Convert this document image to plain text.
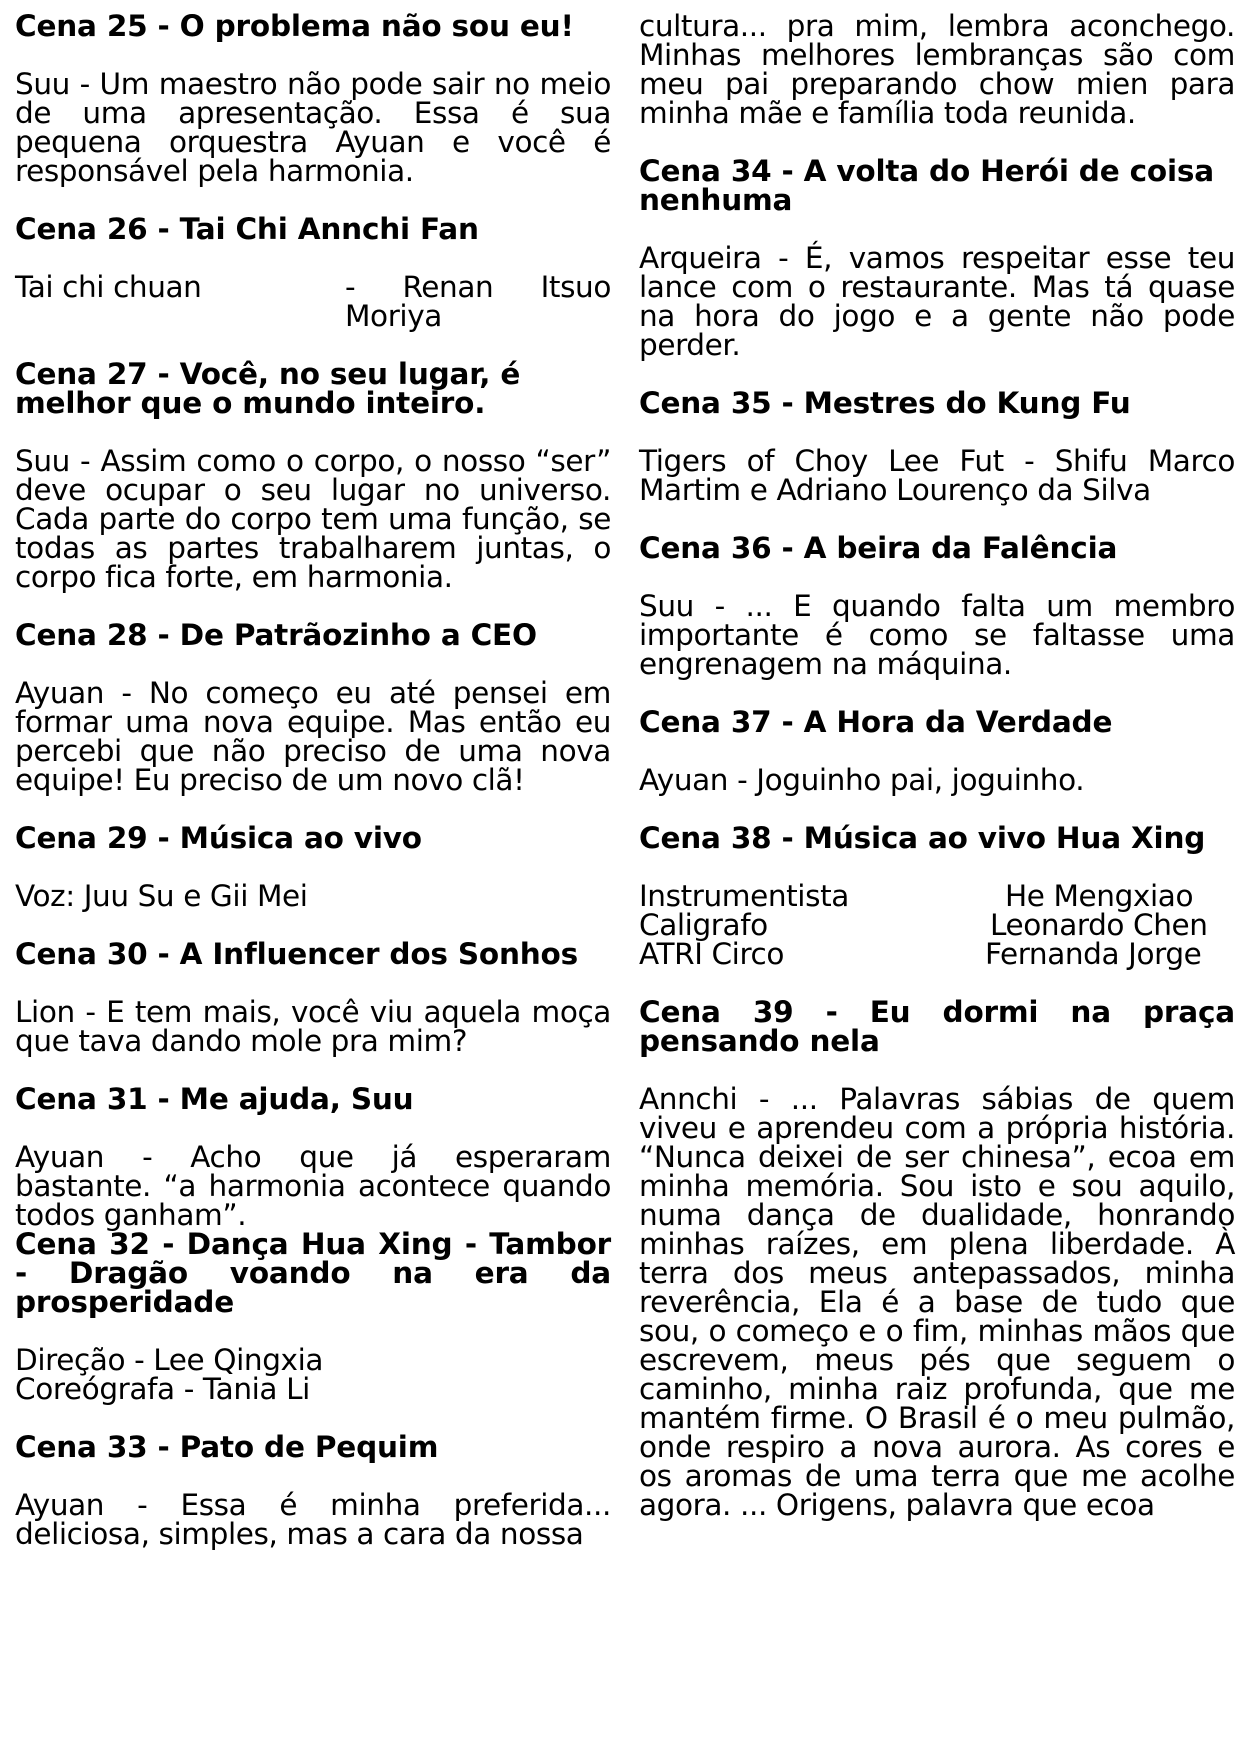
Cena 25 - O problema não sou eu!
Suu - Um maestro não pode sair no meio de uma apresentação. Essa é sua pequena orquestra Ayuan e você é responsável pela harmonia.
Cena 26 - Tai Chi Annchi Fan
Tai chi chuan	- Renan Itsuo Moriya
Cena 27 - Você, no seu lugar, é melhor que o mundo inteiro.
Suu - Assim como o corpo, o nosso “ser” deve ocupar o seu lugar no universo. Cada parte do corpo tem uma função, se todas as partes trabalharem juntas, o corpo fica forte, em harmonia.
Cena 28 - De Patrãozinho a CEO
Ayuan - No começo eu até pensei em formar uma nova equipe. Mas então eu percebi que não preciso de uma nova equipe! Eu preciso de um novo clã!
Cena 29 - Música ao vivo
Voz: Juu Su e Gii Mei
Cena 30 - A Influencer dos Sonhos
Lion - E tem mais, você viu aquela moça que tava dando mole pra mim?
Cena 31 - Me ajuda, Suu
Ayuan - Acho que já esperaram bastante. “a harmonia acontece quando todos ganham”.
Cena 32 - Dança Hua Xing - Tambor - Dragão voando na era da prosperidade
Direção - Lee Qingxia
Coreógrafa - Tania Li
Cena 33 - Pato de Pequim
Ayuan - Essa é minha preferida... deliciosa, simples, mas a cara da nossa
cultura... pra mim, lembra aconchego. Minhas melhores lembranças são com meu pai preparando chow mien para minha mãe e família toda reunida.
Cena 34 - A volta do Herói de coisa nenhuma
Arqueira - É, vamos respeitar esse teu lance com o restaurante. Mas tá quase na hora do jogo e a gente não pode perder.
Cena 35 - Mestres do Kung Fu
Tigers of Choy Lee Fut - Shifu Marco Martim e Adriano Lourenço da Silva
Cena 36 - A beira da Falência
Suu - ... E quando falta um membro importante é como se faltasse uma engrenagem na máquina.
Cena 37 - A Hora da Verdade
Ayuan - Joguinho pai, joguinho.
Cena 38 - Música ao vivo Hua Xing
Instrumentista	He Mengxiao
Caligrafo	Leonardo Chen
ATRI Circo	Fernanda Jorge
Cena 39 - Eu dormi na praça pensando nela
Annchi - ... Palavras sábias de quem viveu e aprendeu com a própria história. “Nunca deixei de ser chinesa”, ecoa em minha memória. Sou isto e sou aquilo, numa dança de dualidade, honrando minhas raízes, em plena liberdade. À terra dos meus antepassados, minha reverência, Ela é a base de tudo que sou, o começo e o fim, minhas mãos que escrevem, meus pés que seguem o caminho, minha raiz profunda, que me mantém firme. O Brasil é o meu pulmão, onde respiro a nova aurora. As cores e os aromas de uma terra que me acolhe agora. ... Origens, palavra que ecoa
